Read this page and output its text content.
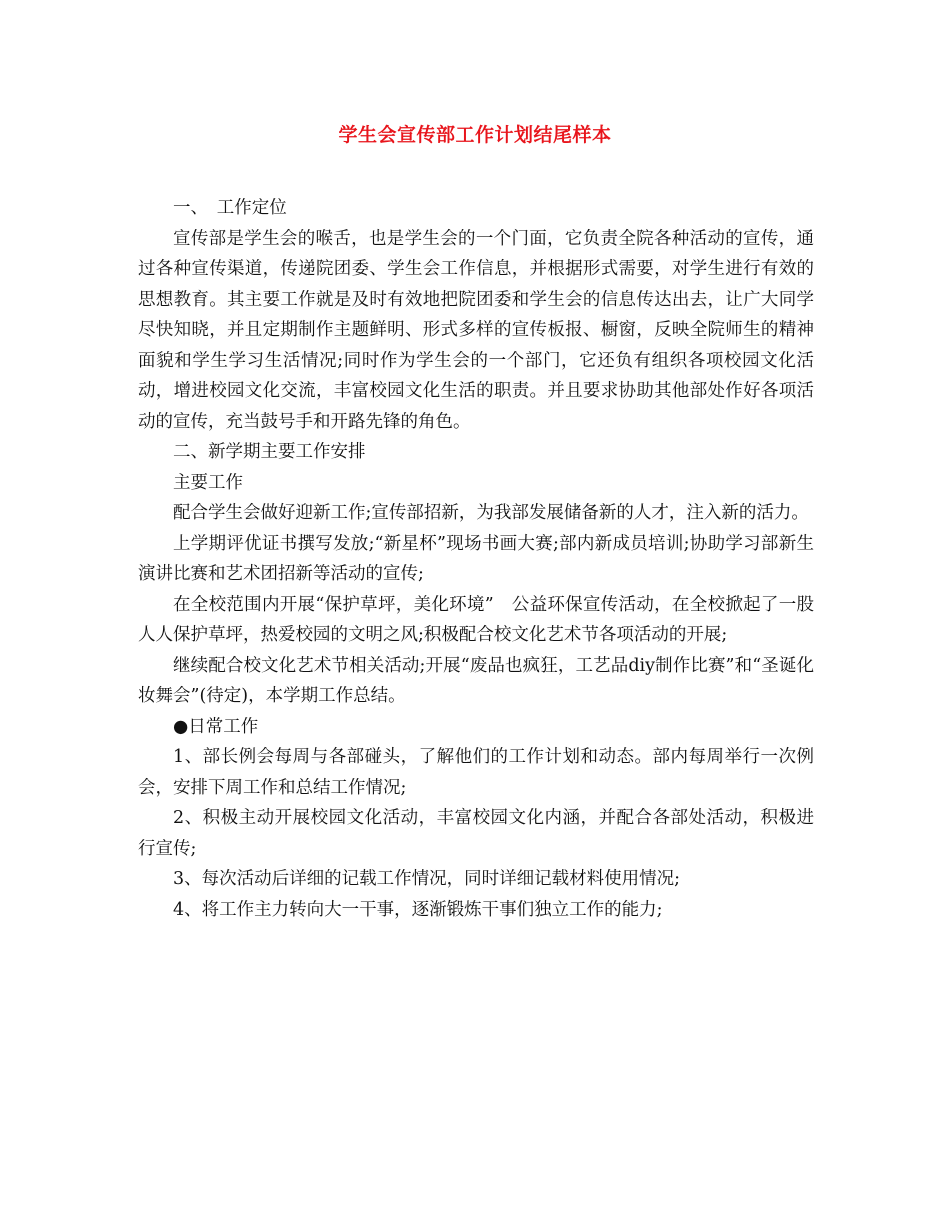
学生会宣传部工作计划结尾样本

一、　工作定位

宣传部是学生会的喉舌，也是学生会的一个门面，它负责全院各种活动的宣传，通过各种宣传渠道，传递院团委、学生会工作信息，并根据形式需要，对学生进行有效的思想教育。其主要工作就是及时有效地把院团委和学生会的信息传达出去，让广大同学尽快知晓，并且定期制作主题鲜明、形式多样的宣传板报、橱窗，反映全院师生的精神面貌和学生学习生活情况;同时作为学生会的一个部门，它还负有组织各项校园文化活动，增进校园文化交流，丰富校园文化生活的职责。并且要求协助其他部处作好各项活动的宣传，充当鼓号手和开路先锋的角色。

二、新学期主要工作安排

主要工作

配合学生会做好迎新工作;宣传部招新，为我部发展储备新的人才，注入新的活力。

上学期评优证书撰写发放;“新星杯”现场书画大赛;部内新成员培训;协助学习部新生演讲比赛和艺术团招新等活动的宣传;

在全校范围内开展“保护草坪，美化环境”　公益环保宣传活动，在全校掀起了一股人人保护草坪，热爱校园的文明之风;积极配合校文化艺术节各项活动的开展;

继续配合校文化艺术节相关活动;开展“废品也疯狂，工艺品diy制作比赛”和“圣诞化妆舞会”(待定)，本学期工作总结。

●日常工作

1、部长例会每周与各部碰头，了解他们的工作计划和动态。部内每周举行一次例会，安排下周工作和总结工作情况;

2、积极主动开展校园文化活动，丰富校园文化内涵，并配合各部处活动，积极进行宣传;

3、每次活动后详细的记载工作情况，同时详细记载材料使用情况;

4、将工作主力转向大一干事，逐渐锻炼干事们独立工作的能力;
